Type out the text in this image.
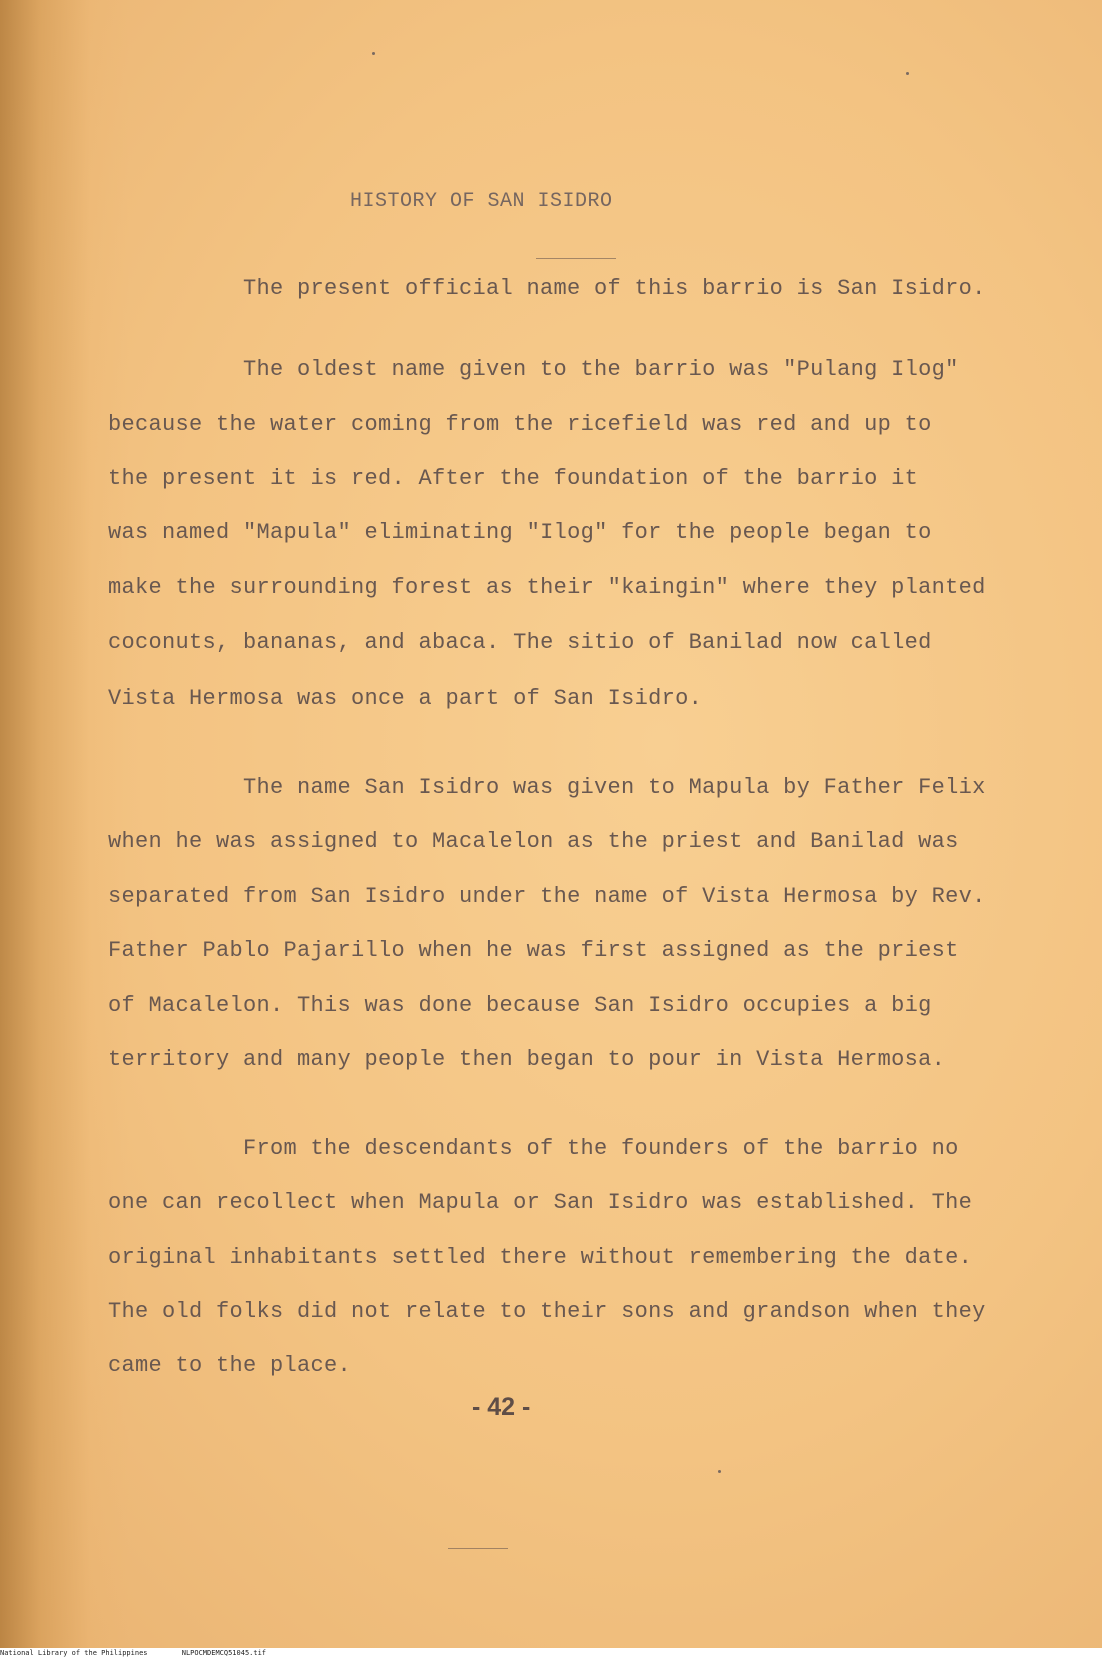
HISTORY OF SAN ISIDRO
The present official name of this barrio is San Isidro.
The oldest name given to the barrio was "Pulang Ilog"
because the water coming from the ricefield was red and up to
the present it is red. After the foundation of the barrio it
was named "Mapula" eliminating "Ilog" for the people began to
make the surrounding forest as their "kaingin" where they planted
coconuts, bananas, and abaca. The sitio of Banilad now called
Vista Hermosa was once a part of San Isidro.
The name San Isidro was given to Mapula by Father Felix
when he was assigned to Macalelon as the priest and Banilad was
separated from San Isidro under the name of Vista Hermosa by Rev.
Father Pablo Pajarillo when he was first assigned as the priest
of Macalelon. This was done because San Isidro occupies a big
territory and many people then began to pour in Vista Hermosa.
From the descendants of the founders of the barrio no
one can recollect when Mapula or San Isidro was established. The
original inhabitants settled there without remembering the date.
The old folks did not relate to their sons and grandson when they
came to the place.
- 42 -
National Library of the Philippines	NLPOCMDEMCQ51045.tif
